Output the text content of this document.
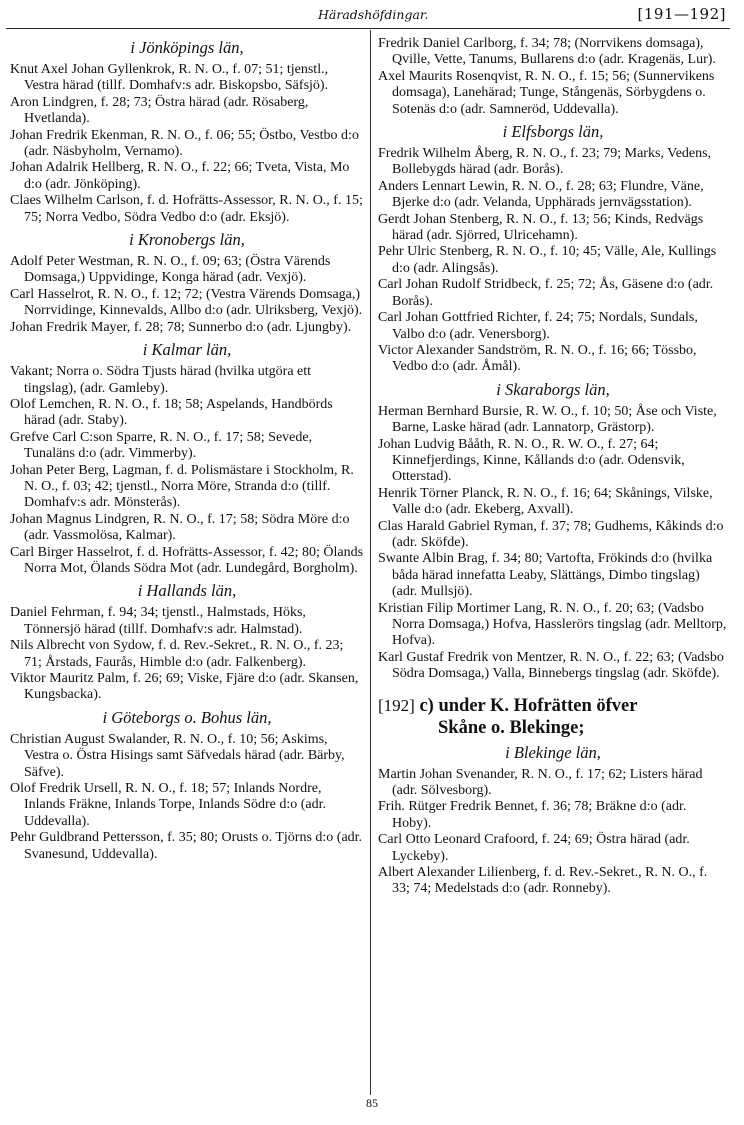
Häradshöfdingar.	[191—192]
i Jönköpings län,

Knut Axel Johan Gyllenkrok, R. N. O., f. 07; 51; tjenstl., Vestra härad (tillf. Domhafv:s adr. Biskopsbo, Säfsjö).

Aron Lindgren, f. 28; 73; Östra härad (adr. Rösaberg, Hvetlanda).

Johan Fredrik Ekenman, R. N. O., f. 06; 55; Östbo, Vestbo d:o (adr. Näsbyholm, Vernamo).

Johan Adalrik Hellberg, R. N. O., f. 22; 66; Tveta, Vista, Mo d:o (adr. Jönköping).

Claes Wilhelm Carlson, f. d. Hofrätts-Assessor, R. N. O., f. 15; 75; Norra Vedbo, Södra Vedbo d:o (adr. Eksjö).

i Kronobergs län,

Adolf Peter Westman, R. N. O., f. 09; 63; (Östra Värends Domsaga,) Uppvidinge, Konga härad (adr. Vexjö).

Carl Hasselrot, R. N. O., f. 12; 72; (Vestra Värends Domsaga,) Norrvidinge, Kinnevalds, Allbo d:o (adr. Ulriksberg, Vexjö).

Johan Fredrik Mayer, f. 28; 78; Sunnerbo d:o (adr. Ljungby).

i Kalmar län,

Vakant; Norra o. Södra Tjusts härad (hvilka utgöra ett tingslag), (adr. Gamleby).

Olof Lemchen, R. N. O., f. 18; 58; Aspelands, Handbörds härad (adr. Staby).

Grefve Carl C:son Sparre, R. N. O., f. 17; 58; Sevede, Tunaläns d:o (adr. Vimmerby).

Johan Peter Berg, Lagman, f. d. Polismästare i Stockholm, R. N. O., f. 03; 42; tjenstl., Norra Möre, Stranda d:o (tillf. Domhafv:s adr. Mönsterås).

Johan Magnus Lindgren, R. N. O., f. 17; 58; Södra Möre d:o (adr. Vassmolösa, Kalmar).

Carl Birger Hasselrot, f. d. Hofrätts-Assessor, f. 42; 80; Ölands Norra Mot, Ölands Södra Mot (adr. Lundegård, Borgholm).

i Hallands län,

Daniel Fehrman, f. 94; 34; tjenstl., Halmstads, Höks, Tönnersjö härad (tillf. Domhafv:s adr. Halmstad).

Nils Albrecht von Sydow, f. d. Rev.-Sekret., R. N. O., f. 23; 71; Årstads, Faurås, Himble d:o (adr. Falkenberg).

Viktor Mauritz Palm, f. 26; 69; Viske, Fjäre d:o (adr. Skansen, Kungsbacka).

i Göteborgs o. Bohus län,

Christian August Swalander, R. N. O., f. 10; 56; Askims, Vestra o. Östra Hisings samt Säfvedals härad (adr. Bärby, Säfve).

Olof Fredrik Ursell, R. N. O., f. 18; 57; Inlands Nordre, Inlands Fräkne, Inlands Torpe, Inlands Södre d:o (adr. Uddevalla).

Pehr Guldbrand Pettersson, f. 35; 80; Orusts o. Tjörns d:o (adr. Svanesund, Uddevalla).

Fredrik Daniel Carlborg, f. 34; 78; (Norrvikens domsaga), Qville, Vette, Tanums, Bullarens d:o (adr. Kragenäs, Lur).

Axel Maurits Rosenqvist, R. N. O., f. 15; 56; (Sunnervikens domsaga), Lanehärad; Tunge, Stångenäs, Sörbygdens o. Sotenäs d:o (adr. Samneröd, Uddevalla).

i Elfsborgs län,

Fredrik Wilhelm Åberg, R. N. O., f. 23; 79; Marks, Vedens, Bollebygds härad (adr. Borås).

Anders Lennart Lewin, R. N. O., f. 28; 63; Flundre, Väne, Bjerke d:o (adr. Velanda, Upphärads jernvägsstation).

Gerdt Johan Stenberg, R. N. O., f. 13; 56; Kinds, Redvägs härad (adr. Sjörred, Ulricehamn).

Pehr Ulric Stenberg, R. N. O., f. 10; 45; Välle, Ale, Kullings d:o (adr. Alingsås).

Carl Johan Rudolf Stridbeck, f. 25; 72; Ås, Gäsene d:o (adr. Borås).

Carl Johan Gottfried Richter, f. 24; 75; Nordals, Sundals, Valbo d:o (adr. Venersborg).

Victor Alexander Sandström, R. N. O., f. 16; 66; Tössbo, Vedbo d:o (adr. Åmål).

i Skaraborgs län,

Herman Bernhard Bursie, R. W. O., f. 10; 50; Åse och Viste, Barne, Laske härad (adr. Lannatorp, Grästorp).

Johan Ludvig Bååth, R. N. O., R. W. O., f. 27; 64; Kinnefjerdings, Kinne, Kållands d:o (adr. Odensvik, Otterstad).

Henrik Törner Planck, R. N. O., f. 16; 64; Skånings, Vilske, Valle d:o (adr. Ekeberg, Axvall).

Clas Harald Gabriel Ryman, f. 37; 78; Gudhems, Kåkinds d:o (adr. Sköfde).

Swante Albin Brag, f. 34; 80; Vartofta, Frökinds d:o (hvilka båda härad innefatta Leaby, Slättängs, Dimbo tingslag) (adr. Mullsjö).

Kristian Filip Mortimer Lang, R. N. O., f. 20; 63; (Vadsbo Norra Domsaga,) Hofva, Hasslerörs tingslag (adr. Melltorp, Hofva).

Karl Gustaf Fredrik von Mentzer, R. N. O., f. 22; 63; (Vadsbo Södra Domsaga,) Valla, Binnebergs tingslag (adr. Sköfde).

[192] c) under K. Hofrätten öfver
Skåne o. Blekinge;
i Blekinge län,

Martin Johan Svenander, R. N. O., f. 17; 62; Listers härad (adr. Sölvesborg).

Frih. Rütger Fredrik Bennet, f. 36; 78; Bräkne d:o (adr. Hoby).

Carl Otto Leonard Crafoord, f. 24; 69; Östra härad (adr. Lyckeby).

Albert Alexander Lilienberg, f. d. Rev.-Sekret., R. N. O., f. 33; 74; Medelstads d:o (adr. Ronneby).

85
